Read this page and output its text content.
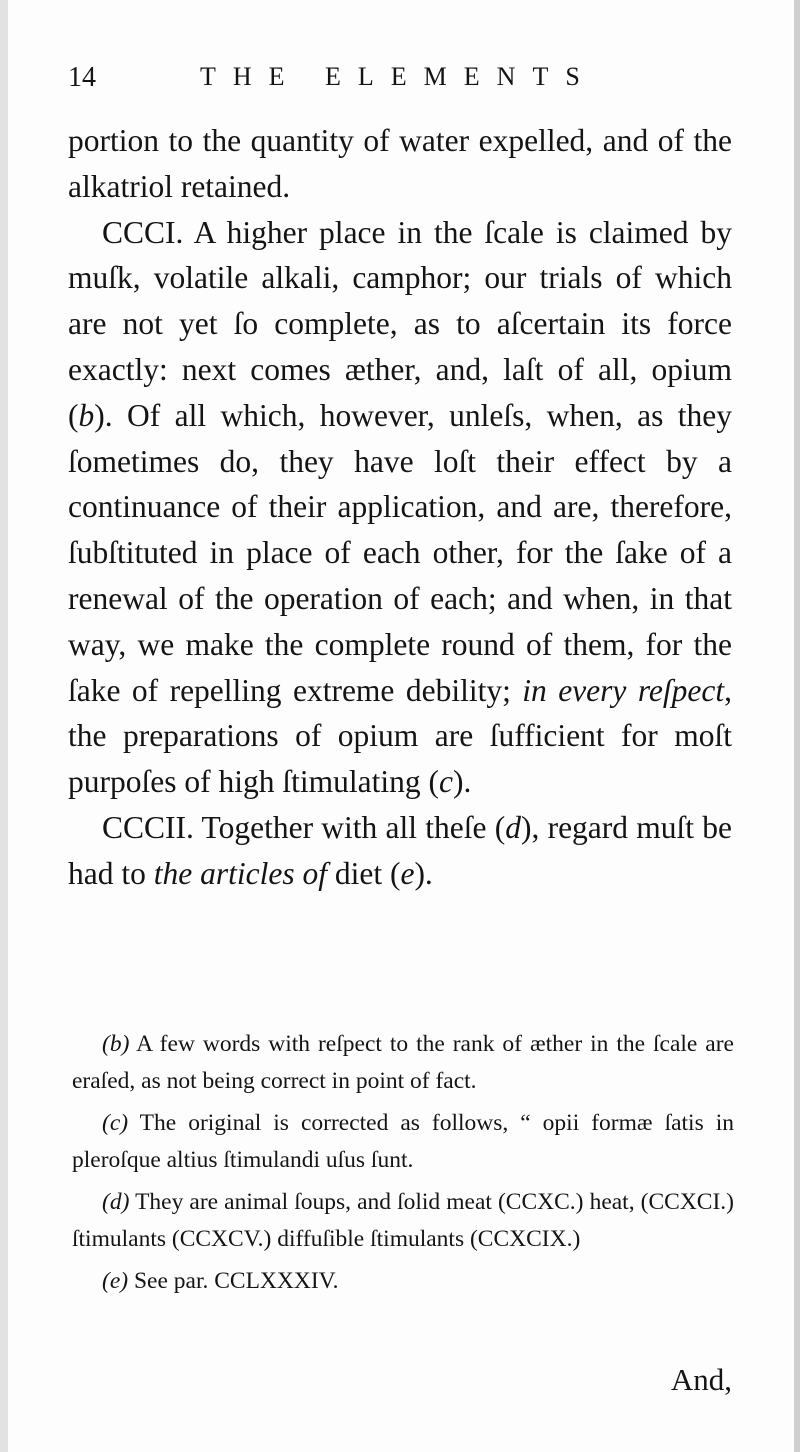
14	THE ELEMENTS

portion to the quantity of water expelled, and of the alkatriol retained.

CCCI. A higher place in the ſcale is claimed by muſk, volatile alkali, camphor; our trials of which are not yet ſo complete, as to aſcertain its force exactly: next comes æther, and, laſt of all, opium (b). Of all which, however, unleſs, when, as they ſometimes do, they have loſt their effect by a continuance of their application, and are, therefore, ſubſtituted in place of each other, for the ſake of a renewal of the operation of each; and when, in that way, we make the complete round of them, for the ſake of repelling extreme debility; in every reſpect, the preparations of opium are ſufficient for moſt purpoſes of high ſtimulating (c).

CCCII. Together with all theſe (d), regard muſt be had to the articles of diet (e).

(b) A few words with reſpect to the rank of æther in the ſcale are eraſed, as not being correct in point of fact.

(c) The original is corrected as follows, “ opii formæ ſatis in pleroſque altius ſtimulandi uſus ſunt.

(d) They are animal ſoups, and ſolid meat (CCXC.) heat, (CCXCI.) ſtimulants (CCXCV.) diffuſible ſtimulants (CCXCIX.)

(e) See par. CCLXXXIV.

And,
